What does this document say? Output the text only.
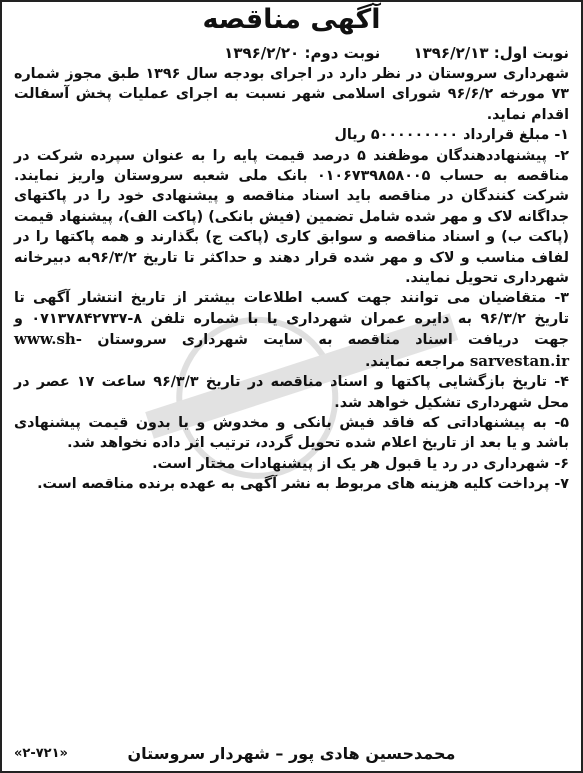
آگهی مناقصه
نوبت اول: ۱۳۹۶/۲/۱۳ نوبت دوم: ۱۳۹۶/۲/۲۰

شهرداری سروستان در نظر دارد در اجرای بودجه سال ۱۳۹۶ طبق مجوز شماره ۷۳ مورخه ۹۶/۶/۲ شورای اسلامی شهر نسبت به اجرای عملیات پخش آسفالت اقدام نماید.

۱- مبلغ قرارداد ۵۰۰۰۰۰۰۰۰۰ ریال

۲- پیشنهاددهندگان موظفند ۵ درصد قیمت پایه را به عنوان سپرده شرکت در مناقصه به حساب ۰۱۰۶۷۳۹۸۵۸۰۰۵ بانک ملی شعبه سروستان واریز نمایند. شرکت کنندگان در مناقصه باید اسناد مناقصه و پیشنهادی خود را در پاکتهای جداگانه لاک و مهر شده شامل تضمین (فیش بانکی) (پاکت الف)، پیشنهاد قیمت (پاکت ب) و اسناد مناقصه و سوابق کاری (پاکت ج) بگذارند و همه پاکتها را در لفاف مناسب و لاک و مهر شده قرار دهند و حداکثر تا تاریخ ۹۶/۳/۲به دبیرخانه شهرداری تحویل نمایند.

۳- متقاضیان می توانند جهت کسب اطلاعات بیشتر از تاریخ انتشار آگهی تا تاریخ ۹۶/۳/۲ به دایره عمران شهرداری یا با شماره تلفن ۸-۰۷۱۳۷۸۴۲۷۳۷ و جهت دریافت اسناد مناقصه به سایت شهرداری سروستان www.sh-sarvestan.ir مراجعه نمایند.

۴- تاریخ بازگشایی پاکتها و اسناد مناقصه در تاریخ ۹۶/۳/۳ ساعت ۱۷ عصر در محل شهرداری تشکیل خواهد شد.

۵- به پیشنهاداتی که فاقد فیش بانکی و مخدوش و یا بدون قیمت پیشنهادی باشد و یا بعد از تاریخ اعلام شده تحویل گردد، ترتیب اثر داده نخواهد شد.

۶- شهرداری در رد یا قبول هر یک از پیشنهادات مختار است.

۷- پرداخت کلیه هزینه های مربوط به نشر آگهی به عهده برنده مناقصه است.

«۲-۷۲۱»	محمدحسین هادی پور – شهردار سروستان
